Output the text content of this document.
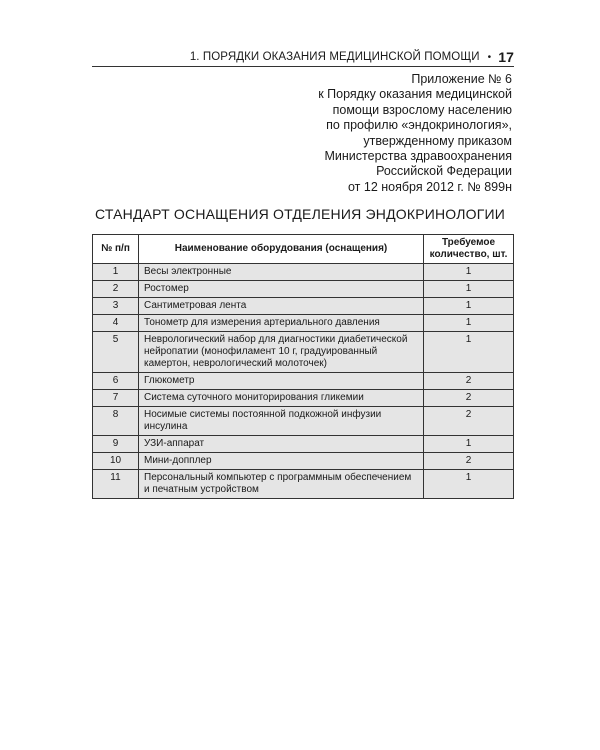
1. ПОРЯДКИ ОКАЗАНИЯ МЕДИЦИНСКОЙ ПОМОЩИ • 17
Приложение № 6
к Порядку оказания медицинской
помощи взрослому населению
по профилю «эндокринология»,
утвержденному приказом
Министерства здравоохранения
Российской Федерации
от 12 ноября 2012 г. № 899н
СТАНДАРТ ОСНАЩЕНИЯ ОТДЕЛЕНИЯ ЭНДОКРИНОЛОГИИ
№ п/п	Наименование оборудования (оснащения)	Требуемое количество, шт.
1	Весы электронные	1
2	Ростомер	1
3	Сантиметровая лента	1
4	Тонометр для измерения артериального давления	1
5	Неврологический набор для диагностики диабетической нейропатии (монофиламент 10 г, градуированный камертон, неврологический молоточек)	1
6	Глюкометр	2
7	Система суточного мониторирования гликемии	2
8	Носимые системы постоянной подкожной инфузии инсулина	2
9	УЗИ-аппарат	1
10	Мини-допплер	2
11	Персональный компьютер с программным обеспечением и печатным устройством	1
